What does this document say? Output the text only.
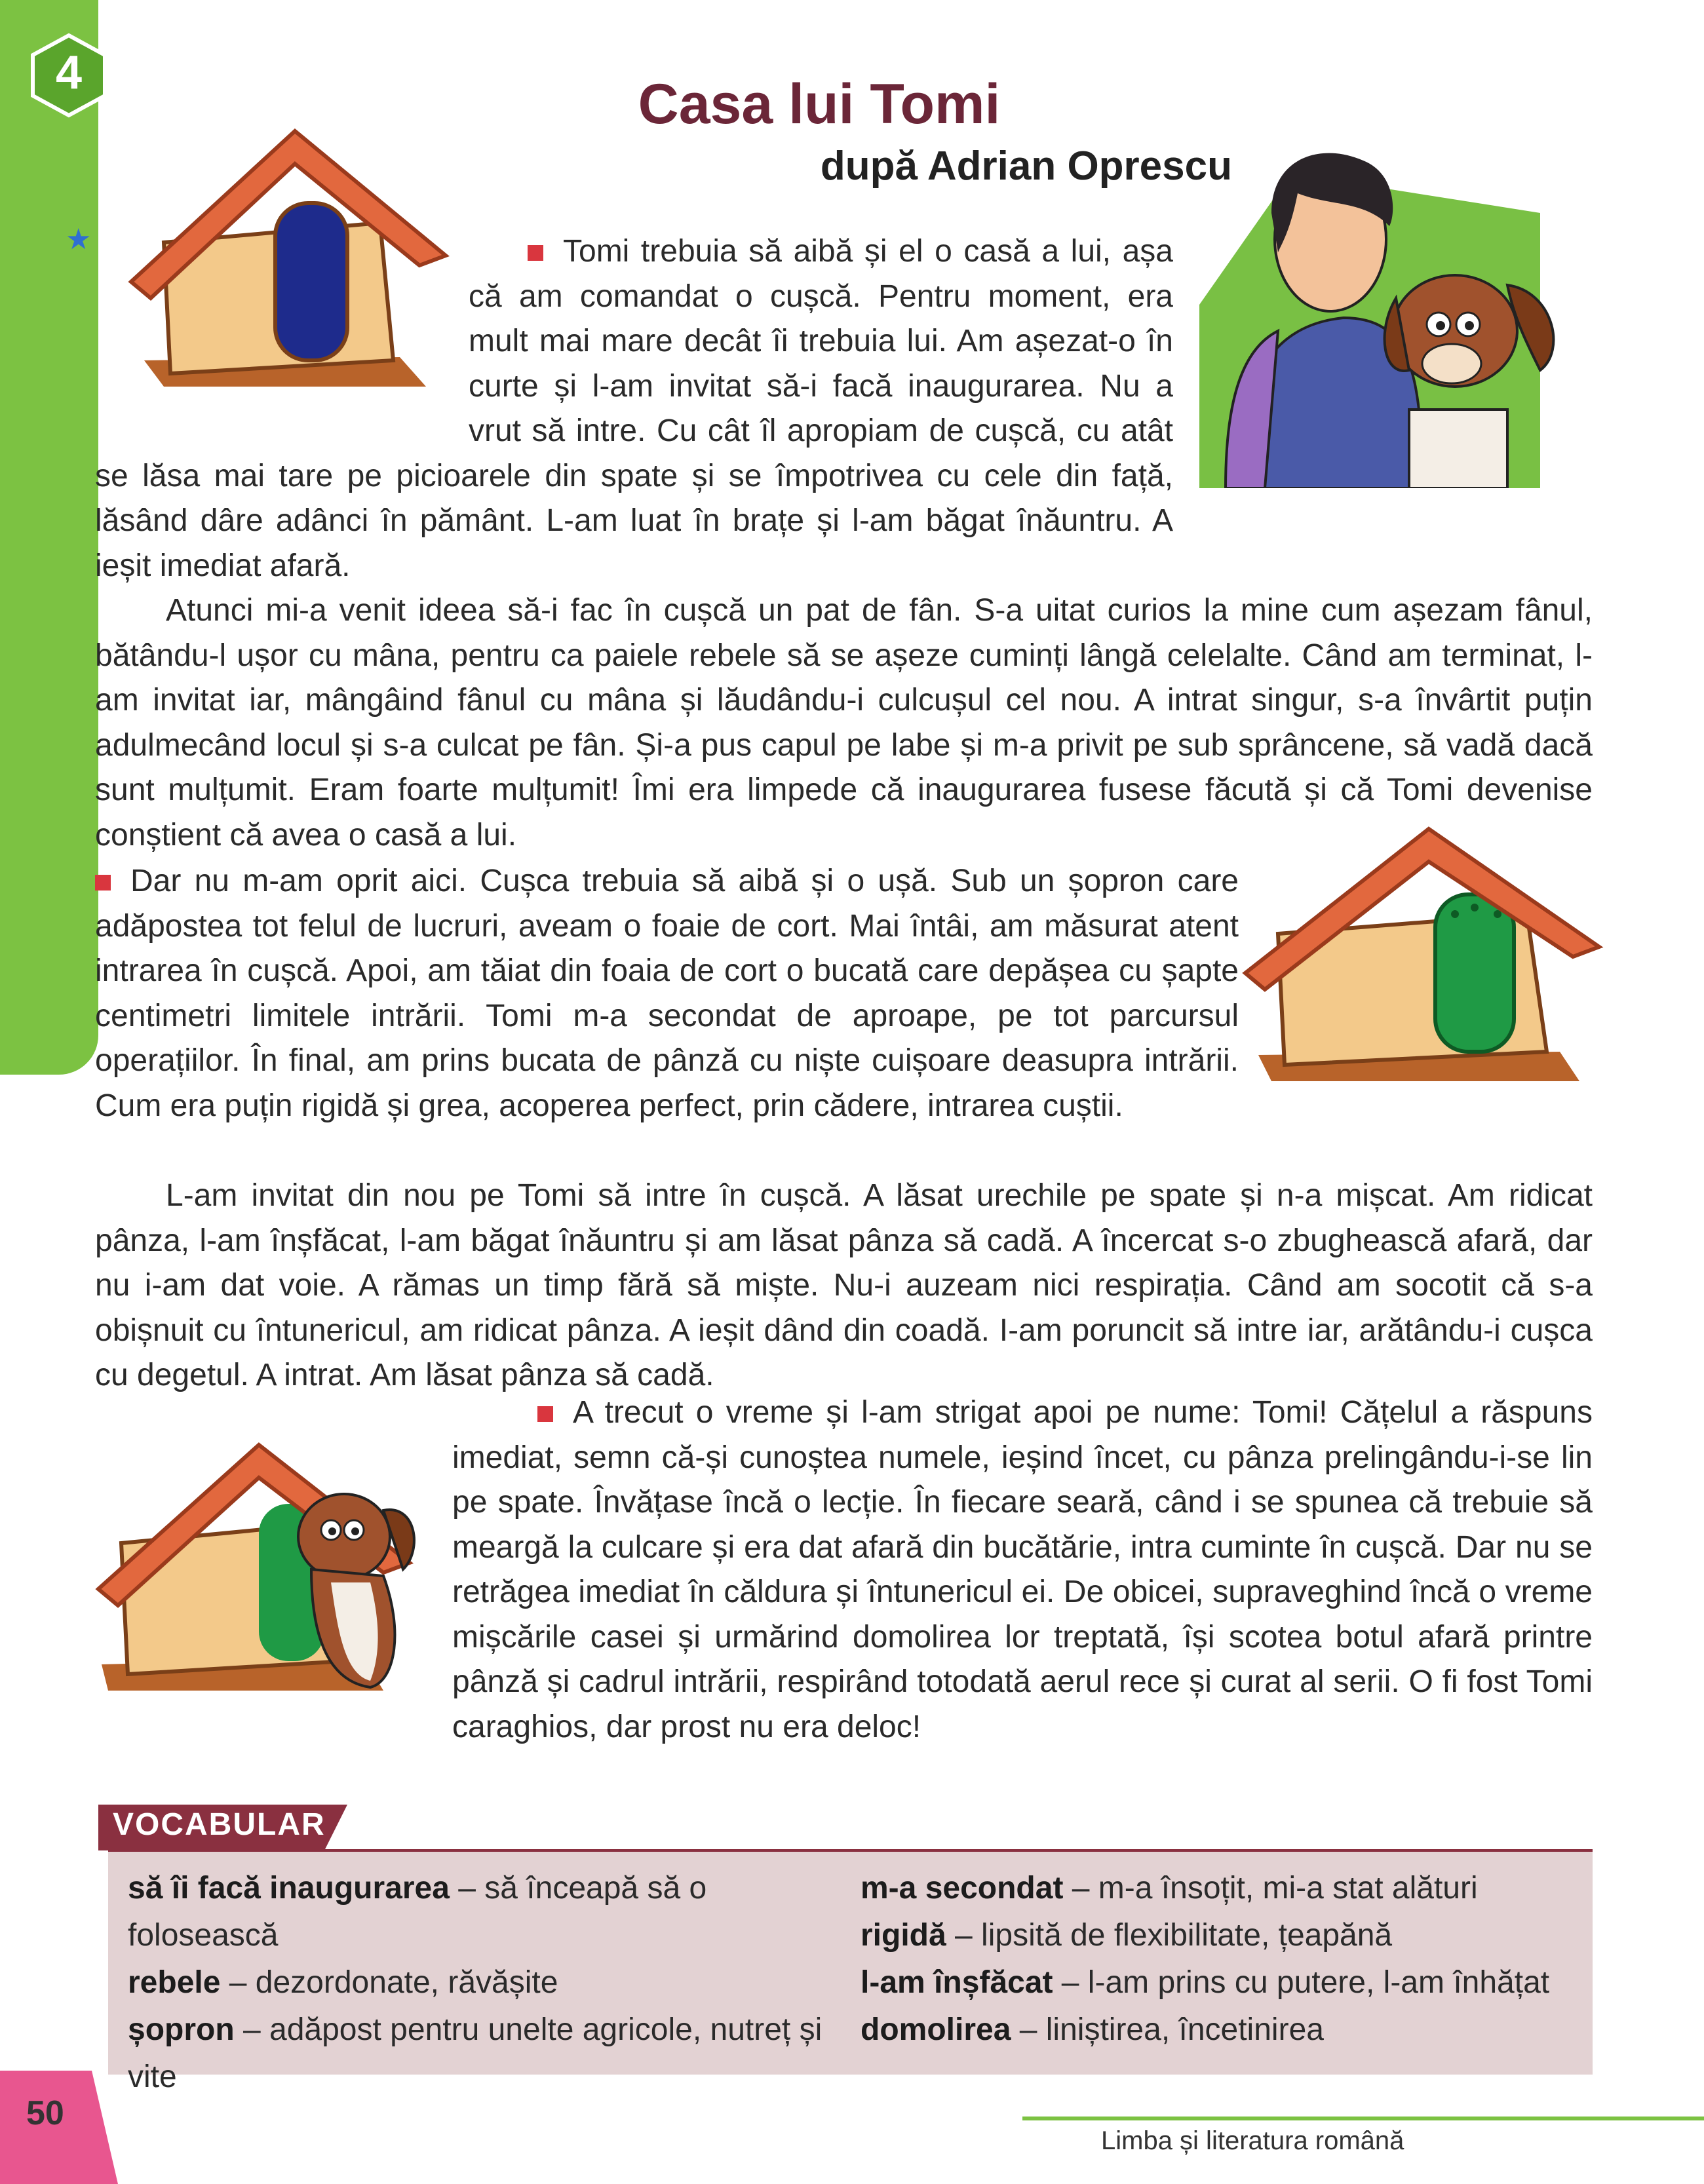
4
★
Casa lui Tomi
după Adrian Oprescu

Tomi trebuia să aibă și el o casă a lui, așa că am comandat o cușcă. Pentru moment, era mult mai mare decât îi trebuia lui. Am așezat-o în curte și l-am invitat să-i facă inaugurarea. Nu a vrut să intre. Cu cât îl apropiam de cușcă, cu atât se lăsa mai tare pe picioarele din spate și se împotrivea cu cele din față, lăsând dâre adânci în pământ. L-am luat în brațe și l-am băgat înăuntru. A ieșit imediat afară.

Atunci mi-a venit ideea să-i fac în cușcă un pat de fân. S-a uitat curios la mine cum așezam fânul, bătându-l ușor cu mâna, pentru ca paiele rebele să se așeze cuminți lângă celelalte. Când am terminat, l-am invitat iar, mângâind fânul cu mâna și lăudându-i culcușul cel nou. A intrat singur, s-a învârtit puțin adulmecând locul și s-a culcat pe fân. Și-a pus capul pe labe și m-a privit pe sub sprâncene, să vadă dacă sunt mulțumit. Eram foarte mulțumit! Îmi era limpede că inaugurarea fusese făcută și că Tomi devenise conștient că avea o casă a lui.

Dar nu m-am oprit aici. Cușca trebuia să aibă și o ușă. Sub un șopron care adăpostea tot felul de lucruri, aveam o foaie de cort. Mai întâi, am măsurat atent intrarea în cușcă. Apoi, am tăiat din foaia de cort o bucată care depășea cu șapte centimetri limitele intrării. Tomi m-a secondat de aproape, pe tot parcursul operațiilor. În final, am prins bucata de pânză cu niște cuișoare deasupra intrării. Cum era puțin rigidă și grea, acoperea perfect, prin cădere, intrarea cuștii.

L-am invitat din nou pe Tomi să intre în cușcă. A lăsat urechile pe spate și n-a mișcat. Am ridicat pânza, l-am înșfăcat, l-am băgat înăuntru și am lăsat pânza să cadă. A încercat s-o zbughească afară, dar nu i-am dat voie. A rămas un timp fără să miște. Nu-i auzeam nici respirația. Când am socotit că s-a obișnuit cu întunericul, am ridicat pânza. A ieșit dând din coadă. I-am poruncit să intre iar, arătându-i cușca cu degetul. A intrat. Am lăsat pânza să cadă.

A trecut o vreme și l-am strigat apoi pe nume: Tomi! Cățelul a răspuns imediat, semn că-și cunoștea numele, ieșind încet, cu pânza prelingându-i-se lin pe spate. Învățase încă o lecție. În fiecare seară, când i se spunea că trebuie să meargă la culcare și era dat afară din bucătărie, intra cuminte în cușcă. Dar nu se retrăgea imediat în căldura și întunericul ei. De obicei, supraveghind încă o vreme mișcările casei și urmărind domolirea lor treptată, își scotea botul afară printre pânză și cadrul intrării, respirând totodată aerul rece și curat al serii. O fi fost Tomi caraghios, dar prost nu era deloc!

VOCABULAR
să îi facă inaugurarea – să înceapă să o folosească
rebele – dezordonate, răvășite
șopron – adăpost pentru unelte agricole, nutreț și vite
m-a secondat – m-a însoțit, mi-a stat alături
rigidă – lipsită de flexibilitate, țeapănă
l-am înșfăcat – l-am prins cu putere, l-am înhățat
domolirea – liniștirea, încetinirea
50
Limba și literatura română
